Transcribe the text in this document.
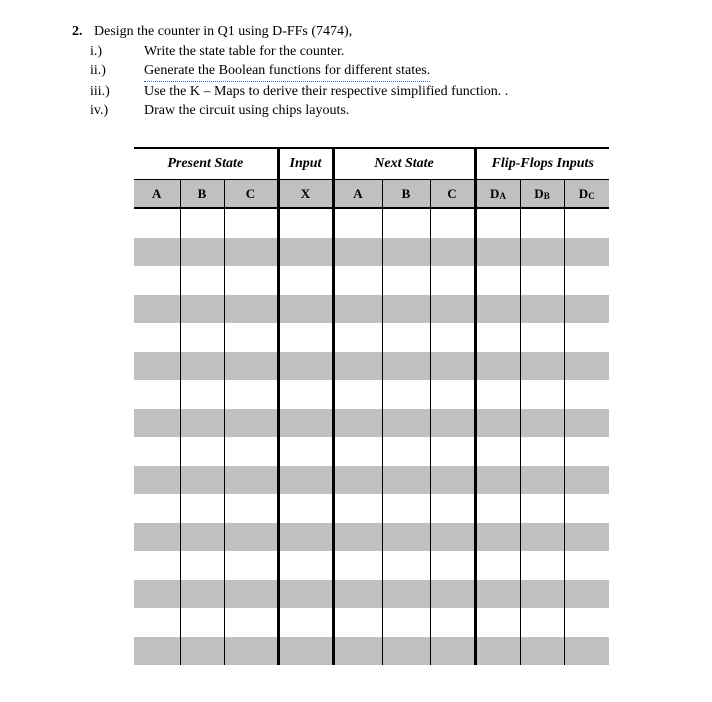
2. Design the counter in Q1 using D-FFs (7474),
i.)	Write the state table for the counter.
ii.)	Generate the Boolean functions for different states.
iii.)	Use the K – Maps to derive their respective simplified function. .
iv.)	Draw the circuit using chips layouts.
Present State			Input	Next State			Flip-Flops Inputs		
A	B	C	X	A	B	C	$D_A$	$D_B$	$D_C$
